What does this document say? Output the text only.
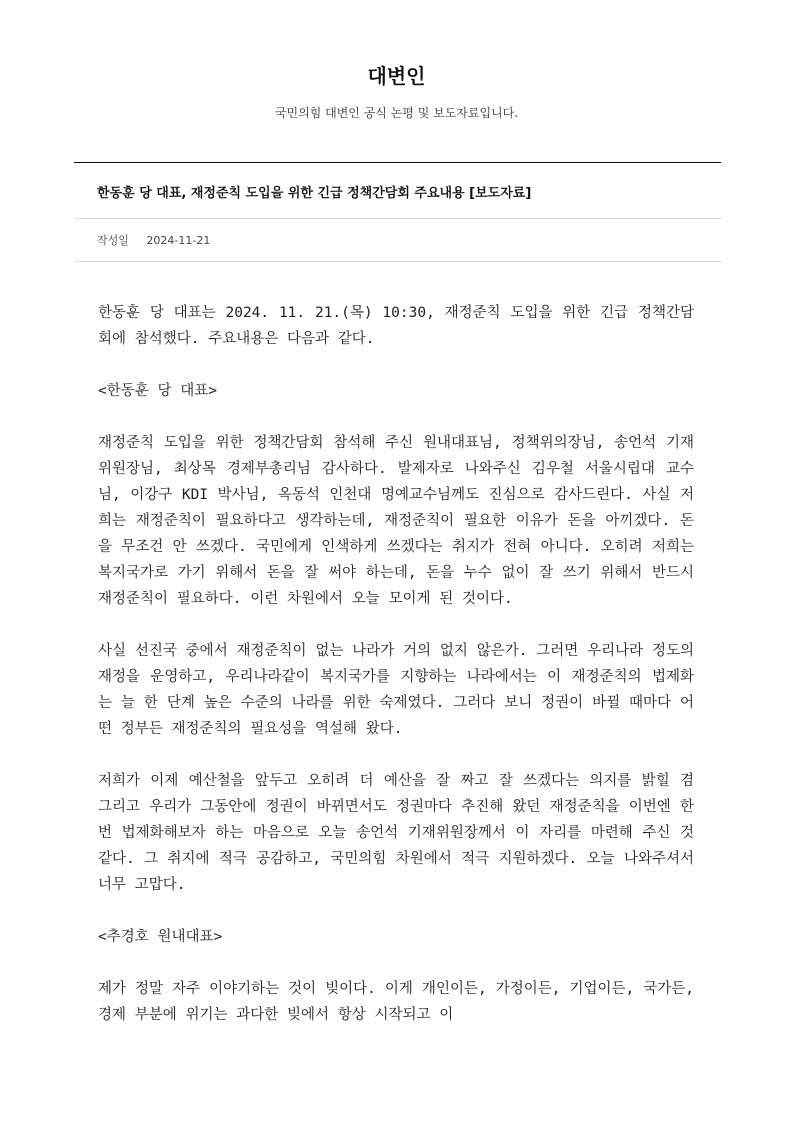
대변인

국민의힘 대변인 공식 논평 및 보도자료입니다.

한동훈 당 대표, 재정준칙 도입을 위한 긴급 정책간담회 주요내용 [보도자료]
작성일 2024-11-21

한동훈 당 대표는 2024. 11. 21.(목) 10:30, 재정준칙 도입을 위한 긴급 정책간담회에 참석했다. 주요내용은 다음과 같다.

<한동훈 당 대표>

재정준칙 도입을 위한 정책간담회 참석해 주신 원내대표님, 정책위의장님, 송언석 기재위원장님, 최상목 경제부총리님 감사하다. 발제자로 나와주신 김우철 서울시립대 교수님, 이강구 KDI 박사님, 옥동석 인천대 명예교수님께도 진심으로 감사드린다. 사실 저희는 재정준칙이 필요하다고 생각하는데, 재정준칙이 필요한 이유가 돈을 아끼겠다. 돈을 무조건 안 쓰겠다. 국민에게 인색하게 쓰겠다는 취지가 전혀 아니다. 오히려 저희는 복지국가로 가기 위해서 돈을 잘 써야 하는데, 돈을 누수 없이 잘 쓰기 위해서 반드시 재정준칙이 필요하다. 이런 차원에서 오늘 모이게 된 것이다.

사실 선진국 중에서 재정준칙이 없는 나라가 거의 없지 않은가. 그러면 우리나라 정도의 재정을 운영하고, 우리나라같이 복지국가를 지향하는 나라에서는 이 재정준칙의 법제화는 늘 한 단계 높은 수준의 나라를 위한 숙제였다. 그러다 보니 정권이 바뀔 때마다 어떤 정부든 재정준칙의 필요성을 역설해 왔다.

저희가 이제 예산철을 앞두고 오히려 더 예산을 잘 짜고 잘 쓰겠다는 의지를 밝힐 겸 그리고 우리가 그동안에 정권이 바뀌면서도 정권마다 추진해 왔던 재정준칙을 이번엔 한번 법제화해보자 하는 마음으로 오늘 송언석 기재위원장께서 이 자리를 마련해 주신 것 같다. 그 취지에 적극 공감하고, 국민의힘 차원에서 적극 지원하겠다. 오늘 나와주셔서 너무 고맙다.

<추경호 원내대표>

제가 정말 자주 이야기하는 것이 빚이다. 이게 개인이든, 가정이든, 기업이든, 국가든, 경제 부분에 위기는 과다한 빚에서 항상 시작되고 이
